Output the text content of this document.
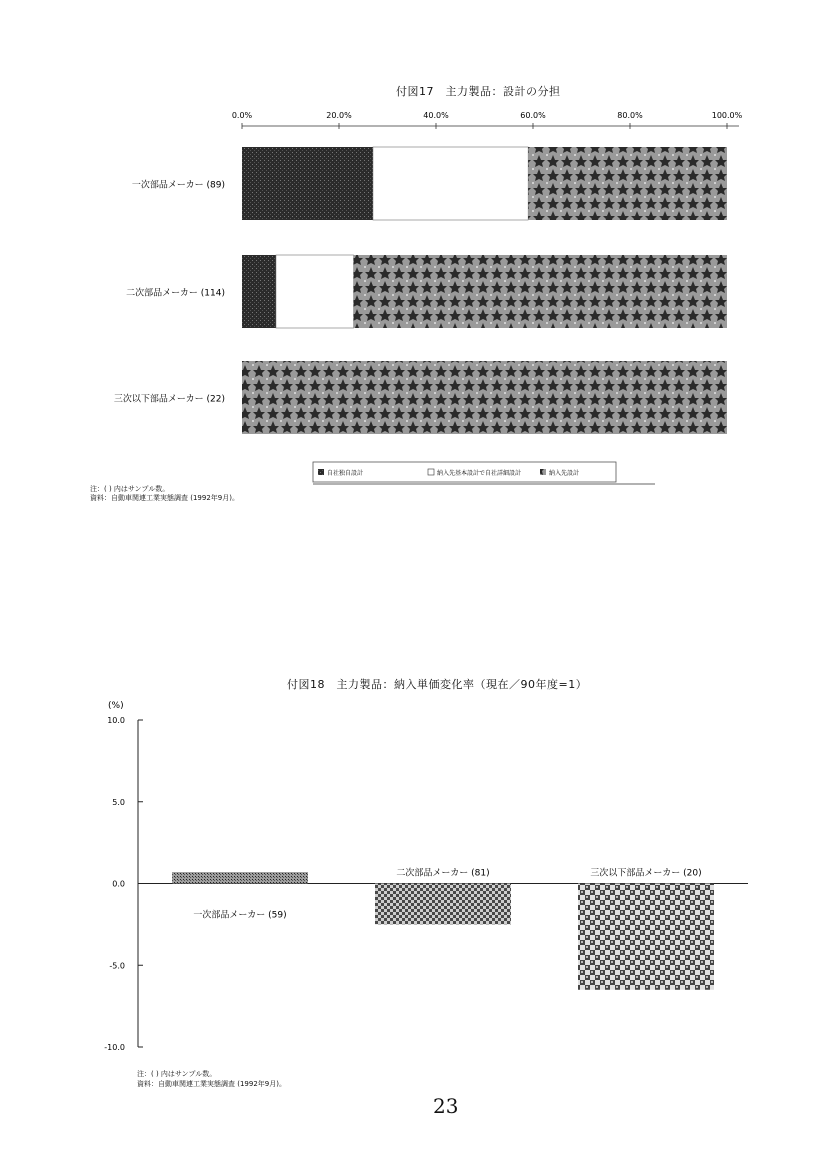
付図17　主力製品：設計の分担
0.0%	20.0%	40.0%	60.0%	80.0%	100.0%
一次部品メーカー (89)
二次部品メーカー (114)
三次以下部品メーカー (22)
自社独自設計	納入先基本設計で自社詳細設計	納入先設計
注：( ) 内はサンプル数。
資料：自動車関連工業実態調査 (1992年9月)。
付図18　主力製品：納入単価変化率（現在／90年度=1）
(%)
10.0
5.0
0.0
-5.0
-10.0
一次部品メーカー (59)
二次部品メーカー (81)	三次以下部品メーカー (20)
注：( ) 内はサンプル数。
資料：自動車関連工業実態調査 (1992年9月)。
23
